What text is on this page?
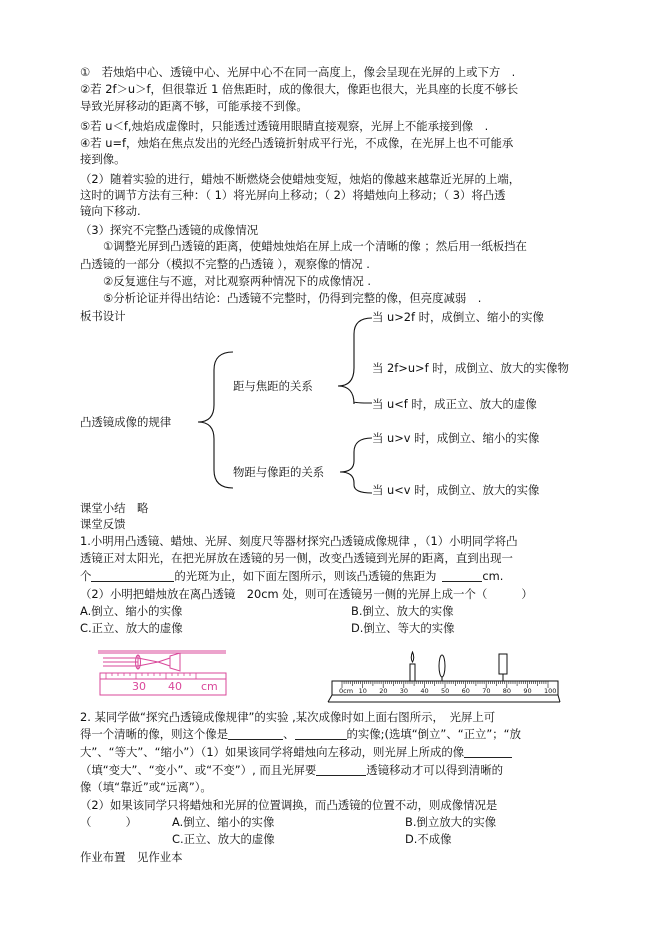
①　若烛焰中心、透镜中心、光屏中心不在同一高度上，像会呈现在光屏的上或下方　.
②若 2f＞u＞f，但很靠近 1 倍焦距时，成的像很大，像距也很大，光具座的长度不够长
导致光屏移动的距离不够，可能承接不到像。
⑤若 u＜f,烛焰成虚像时，只能透过透镜用眼睛直接观察，光屏上不能承接到像　.
④若 u=f，烛焰在焦点发出的光经凸透镜折射成平行光，不成像，在光屏上也不可能承
接到像。
（2）随着实验的进行，蜡烛不断燃烧会使蜡烛变短，烛焰的像越来越靠近光屏的上端，
这时的调节方法有三种：（ 1）将光屏向上移动；（ 2）将蜡烛向上移动；（ 3）将凸透
镜向下移动.
（3）探究不完整凸透镜的成像情况
①调整光屏到凸透镜的距离，使蜡烛烛焰在屏上成一个清晰的像 ；然后用一纸板挡在
凸透镜的一部分（模拟不完整的凸透镜 ），观察像的情况 .
②反复遮住与不遮，对比观察两种情况下的成像情况 .
⑤分析论证并得出结论：凸透镜不完整时，仍得到完整的像，但亮度减弱　.
板书设计
凸透镜成像的规律
距与焦距的关系
物距与像距的关系
当 u>2f 时，成倒立、缩小的实像
当 2f>u>f 时，成倒立、放大的实像物
当 u<f 时，成正立、放大的虚像
当 u>v 时，成倒立、缩小的实像
当 u<v 时，成倒立、放大的实像
课堂小结　略
课堂反馈
1.小明用凸透镜、蜡烛、光屏、刻度尺等器材探究凸透镜成像规律 ，（1）小明同学将凸
透镜正对太阳光，在把光屏放在透镜的另一侧，改变凸透镜到光屏的距离，直到出现一
个	的光斑为止，如下面左图所示，则该凸透镜的焦距为	cm.
（2）小明把蜡烛放在离凸透镜　20cm 处，则可在透镜另一侧的光屏上成一个（　　　）
A.倒立、缩小的实像	B.倒立、放大的实像
C.正立、放大的虚像	D.倒立、等大的实像
30 40 cm	0cm 10 20 30 40 50 60 70 80 90 100
2. 某同学做“探究凸透镜成像规律”的实验 ,某次成像时如上面右图所示，　光屏上可
得一个清晰的像，则这个像是	、	的实像;(选填“倒立”、“正立”；“放
大”、“等大”、“缩小”）（1）如果该同学将蜡烛向左移动，则光屏上所成的像
（填“变大”、“变小”、或“不变”）, 而且光屏要	透镜移动才可以得到清晰的
像（填“靠近”或“远离”）。
（2）如果该同学只将蜡烛和光屏的位置调换，而凸透镜的位置不动，则成像情况是
（　　　）	A.倒立、缩小的实像	B.倒立放大的实像
C.正立、放大的虚像	D.不成像
作业布置　见作业本
